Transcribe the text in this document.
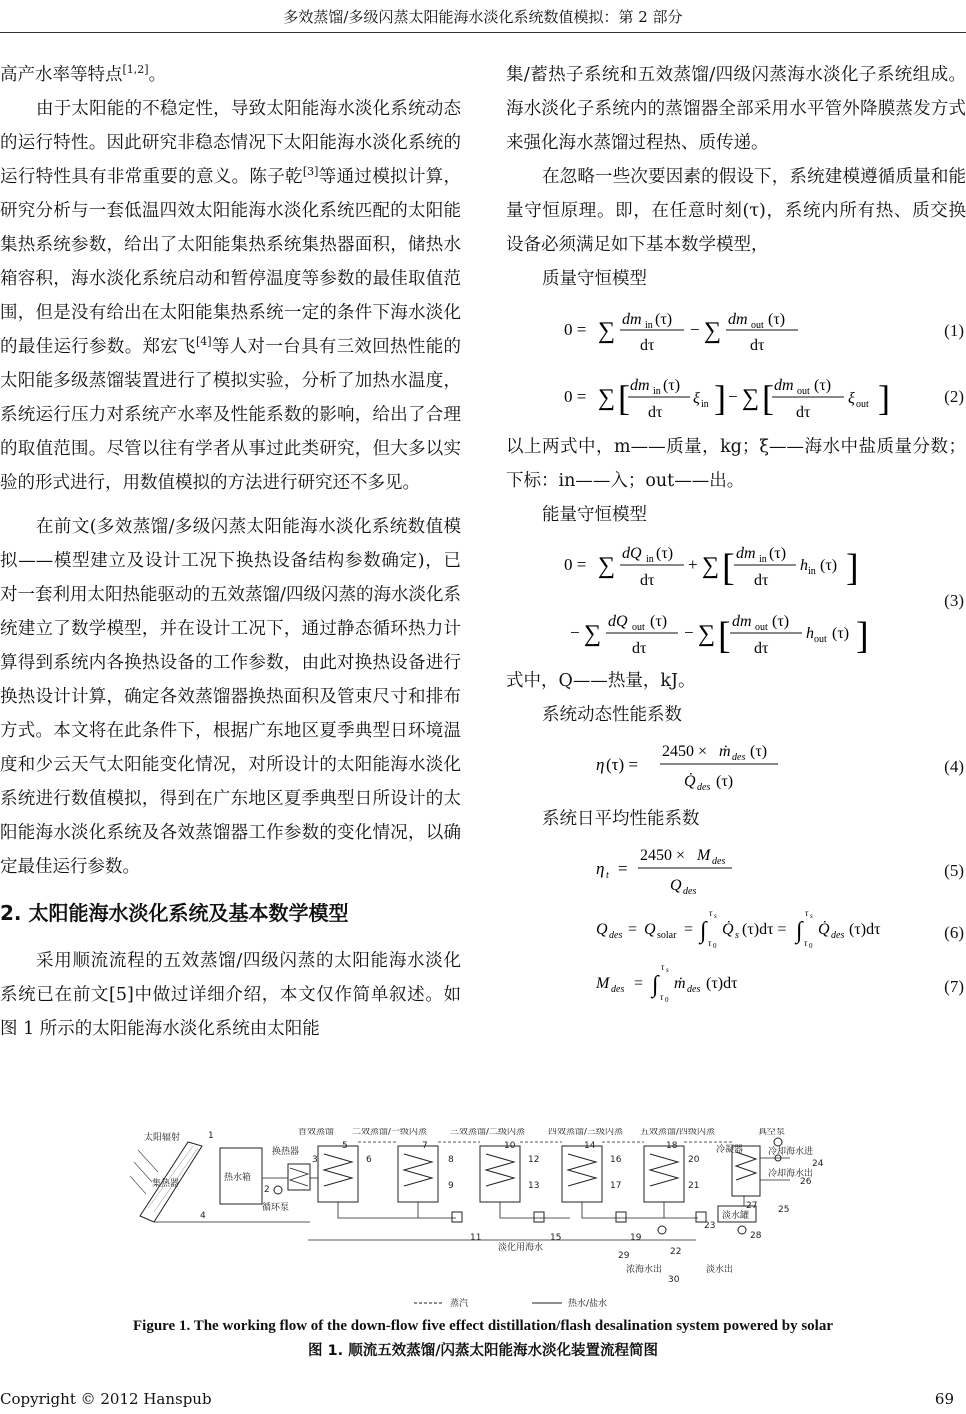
多效蒸馏/多级闪蒸太阳能海水淡化系统数值模拟：第 2 部分

高产水率等特点[1,2]。

由于太阳能的不稳定性，导致太阳能海水淡化系统动态的运行特性。因此研究非稳态情况下太阳能海水淡化系统的运行特性具有非常重要的意义。陈子乾[3]等通过模拟计算，研究分析与一套低温四效太阳能海水淡化系统匹配的太阳能集热系统参数，给出了太阳能集热系统集热器面积，储热水箱容积，海水淡化系统启动和暂停温度等参数的最佳取值范围，但是没有给出在太阳能集热系统一定的条件下海水淡化的最佳运行参数。郑宏飞[4]等人对一台具有三效回热性能的太阳能多级蒸馏装置进行了模拟实验，分析了加热水温度，系统运行压力对系统产水率及性能系数的影响，给出了合理的取值范围。尽管以往有学者从事过此类研究，但大多以实验的形式进行，用数值模拟的方法进行研究还不多见。

在前文(多效蒸馏/多级闪蒸太阳能海水淡化系统数值模拟——模型建立及设计工况下换热设备结构参数确定)，已对一套利用太阳热能驱动的五效蒸馏/四级闪蒸的海水淡化系统建立了数学模型，并在设计工况下，通过静态循环热力计算得到系统内各换热设备的工作参数，由此对换热设备进行换热设计计算，确定各效蒸馏器换热面积及管束尺寸和排布方式。本文将在此条件下，根据广东地区夏季典型日环境温度和少云天气太阳能变化情况，对所设计的太阳能海水淡化系统进行数值模拟，得到在广东地区夏季典型日所设计的太阳能海水淡化系统及各效蒸馏器工作参数的变化情况，以确定最佳运行参数。

2. 太阳能海水淡化系统及基本数学模型

采用顺流流程的五效蒸馏/四级闪蒸的太阳能海水淡化系统已在前文[5]中做过详细介绍，本文仅作简单叙述。如图 1 所示的太阳能海水淡化系统由太阳能

集/蓄热子系统和五效蒸馏/四级闪蒸海水淡化子系统组成。海水淡化子系统内的蒸馏器全部采用水平管外降膜蒸发方式来强化海水蒸馏过程热、质传递。

在忽略一些次要因素的假设下，系统建模遵循质量和能量守恒原理。即，在任意时刻(τ)，系统内所有热、质交换设备必须满足如下基本数学模型，

质量守恒模型

0 = ∑ dm in (τ)
dτ
− ∑ dm out (τ)
dτ
(1)
0 = ∑ [ dm in (τ)
dτ
ξ in ] − ∑ [ dm out (τ)
dτ
ξ out ]	(2)

以上两式中，m——质量，kg；ξ——海水中盐质量分数；下标：in——入；out——出。

能量守恒模型

0 = ∑ dQ in (τ)
dτ
+ ∑ [ dm in (τ)
dτ
h in (τ) ]
− ∑ dQ out (τ)
dτ
− ∑ [ dm out (τ)
dτ
h out (τ) ]
(3)

式中，Q——热量，kJ。

系统动态性能系数

η (τ) =
2450 × ṁ des (τ)
Q̇ des (τ)
(4)

系统日平均性能系数

η t =
2450 × M des
Q des
(5)
Q des = Q solar = ∫
τ s
τ 0
Q̇ s (τ)dτ = ∫
τ s
τ 0
Q̇ des (τ)dτ	(6)
M des = ∫
τ s
τ 0
ṁ des (τ)dτ	(7)
太阳辐射
集热器
热水箱
换热器
循环泵
淡水罐
首效蒸馏 二效蒸馏/一级闪蒸	三效蒸馏/二级闪蒸	四效蒸馏/三级闪蒸 五效蒸馏/四级闪蒸	真空泵
冷凝器	冷却海水进
冷却海水出
淡化用海水
浓海水出	淡水出
1
2
3
4
5
6
7
8
9
10
11
12
13
14
15
16
17
18
19
20
21
22
23
24
25
26
27
28
29
30
蒸汽	热水/盐水
Figure 1. The working flow of the down-flow five effect distillation/flash desalination system powered by solar
图 1. 顺流五效蒸馏/闪蒸太阳能海水淡化装置流程简图
Copyright © 2012 Hanspub	69
